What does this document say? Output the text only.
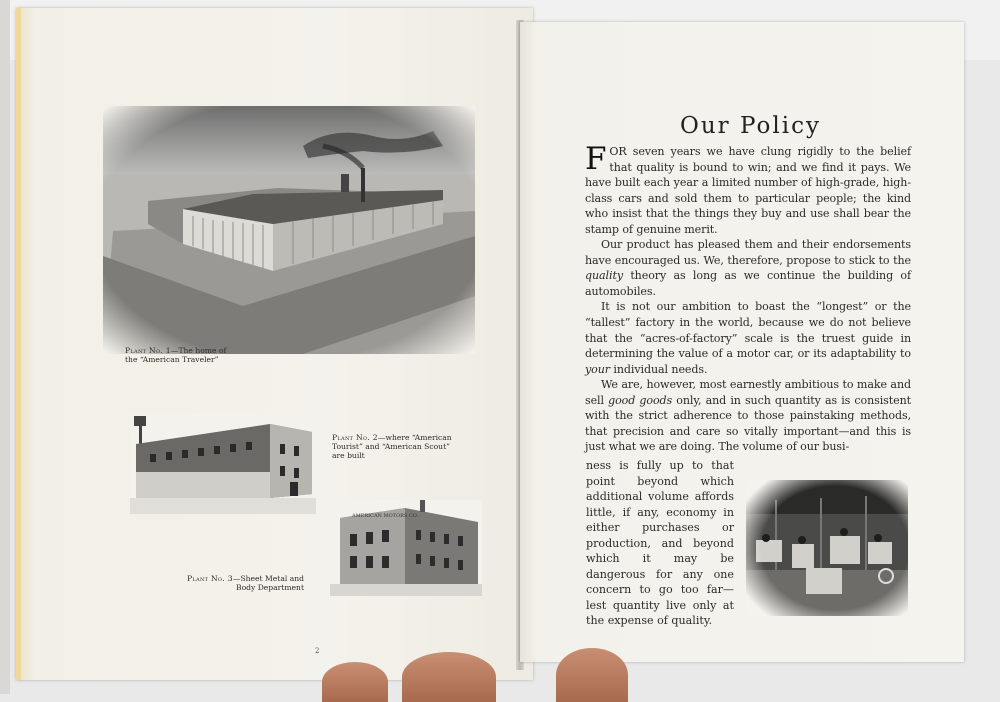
Plant No. 1—The home of the “American Traveler”
Plant No. 2—where “American Tourist” and “American Scout” are built
AMERICAN MOTORS CO.
Plant No. 3—Sheet Metal and Body Department
2
Our Policy

FOR seven years we have clung rigidly to the belief that quality is bound to win; and we find it pays. We have built each year a limited number of high-grade, high-class cars and sold them to particular people; the kind who insist that the things they buy and use shall bear the stamp of genuine merit.

Our product has pleased them and their endorsements have encouraged us. We, therefore, propose to stick to the quality theory as long as we continue the building of automobiles.

It is not our ambition to boast the “longest” or the “tallest” factory in the world, because we do not believe that the “acres-of-factory” scale is the truest guide in determining the value of a motor car, or its adaptability to your individual needs.

We are, however, most earnestly ambitious to make and sell good goods only, and in such quantity as is consistent with the strict adherence to those painstaking methods, that precision and care so vitally important—and this is just what we are doing. The volume of our busi-

ness is fully up to that point beyond which additional volume affords little, if any, economy in either purchases or production, and beyond which it may be dangerous for any one concern to go too far—lest quantity live only at the expense of quality.
